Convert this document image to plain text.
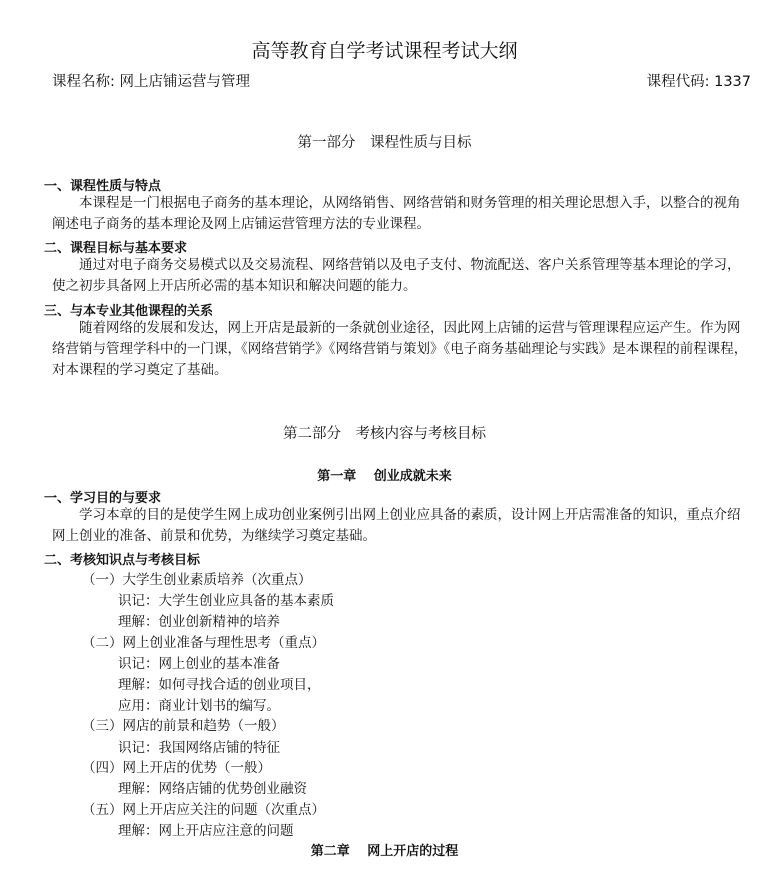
高等教育自学考试课程考试大纲
课程名称: 网上店铺运营与管理	课程代码: 1337
第一部分　课程性质与目标
一、课程性质与特点
本课程是一门根据电子商务的基本理论，从网络销售、网络营销和财务管理的相关理论思想入手，以整合的视角阐述电子商务的基本理论及网上店铺运营管理方法的专业课程。
二、课程目标与基本要求
通过对电子商务交易模式以及交易流程、网络营销以及电子支付、物流配送、客户关系管理等基本理论的学习，使之初步具备网上开店所必需的基本知识和解决问题的能力。
三、与本专业其他课程的关系
随着网络的发展和发达，网上开店是最新的一条就创业途径，因此网上店铺的运营与管理课程应运产生。作为网络营销与管理学科中的一门课，《网络营销学》《网络营销与策划》《电子商务基础理论与实践》是本课程的前程课程，对本课程的学习奠定了基础。
第二部分　考核内容与考核目标
第一章　 创业成就未来
一、学习目的与要求
学习本章的目的是使学生网上成功创业案例引出网上创业应具备的素质，设计网上开店需准备的知识，重点介绍网上创业的准备、前景和优势，为继续学习奠定基础。
二、考核知识点与考核目标
（一）大学生创业素质培养（次重点）
识记：大学生创业应具备的基本素质
理解：创业创新精神的培养
（二）网上创业准备与理性思考（重点）
识记：网上创业的基本准备
理解：如何寻找合适的创业项目，
应用：商业计划书的编写。
（三）网店的前景和趋势（一般）
识记：我国网络店铺的特征
（四）网上开店的优势（一般）
理解：网络店铺的优势创业融资
（五）网上开店应关注的问题（次重点）
理解：网上开店应注意的问题
第二章　 网上开店的过程
